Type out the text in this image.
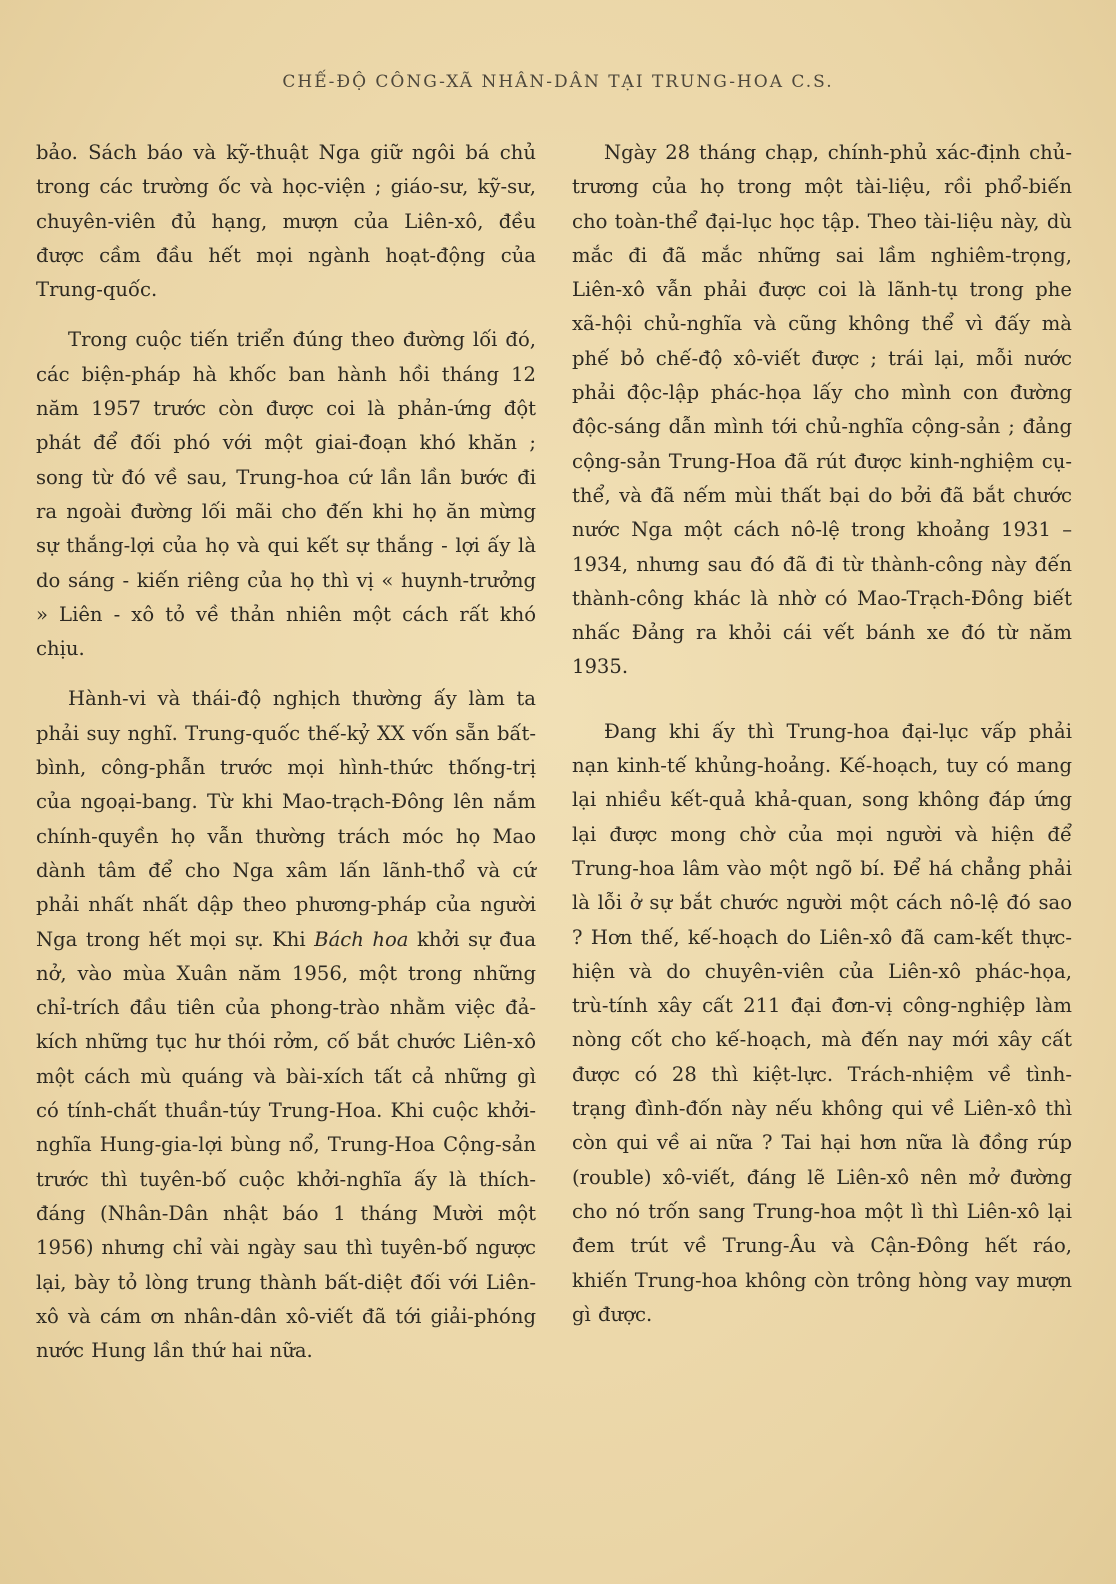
CHẾ-ĐỘ CÔNG-XÃ NHÂN-DÂN TẠI TRUNG-HOA C.S.

bảo. Sách báo và kỹ-thuật Nga giữ ngôi bá chủ trong các trường ốc và học-viện ; giáo-sư, kỹ-sư, chuyên-viên đủ hạng, mượn của Liên-xô, đều được cầm đầu hết mọi ngành hoạt-động của Trung-quốc.

Trong cuộc tiến triển đúng theo đường lối đó, các biện-pháp hà khốc ban hành hồi tháng 12 năm 1957 trước còn được coi là phản-ứng đột phát để đối phó với một giai-đoạn khó khăn ; song từ đó về sau, Trung-hoa cứ lần lần bước đi ra ngoài đường lối mãi cho đến khi họ ăn mừng sự thắng-lợi của họ và qui kết sự thắng - lợi ấy là do sáng - kiến riêng của họ thì vị « huynh-trưởng » Liên - xô tỏ về thản nhiên một cách rất khó chịu.

Hành-vi và thái-độ nghịch thường ấy làm ta phải suy nghĩ. Trung-quốc thế-kỷ XX vốn sẵn bất-bình, công-phẫn trước mọi hình-thức thống-trị của ngoại-bang. Từ khi Mao-trạch-Đông lên nắm chính-quyền họ vẫn thường trách móc họ Mao dành tâm để cho Nga xâm lấn lãnh-thổ và cứ phải nhất nhất dập theo phương-pháp của người Nga trong hết mọi sự. Khi Bách hoa khởi sự đua nở, vào mùa Xuân năm 1956, một trong những chỉ-trích đầu tiên của phong-trào nhằm việc đả-kích những tục hư thói rởm, cố bắt chước Liên-xô một cách mù quáng và bài-xích tất cả những gì có tính-chất thuần-túy Trung-Hoa. Khi cuộc khởi-nghĩa Hung-gia-lợi bùng nổ, Trung-Hoa Cộng-sản trước thì tuyên-bố cuộc khởi-nghĩa ấy là thích-đáng (Nhân-Dân nhật báo 1 tháng Mười một 1956) nhưng chỉ vài ngày sau thì tuyên-bố ngược lại, bày tỏ lòng trung thành bất-diệt đối với Liên-xô và cám ơn nhân-dân xô-viết đã tới giải-phóng nước Hung lần thứ hai nữa.

Ngày 28 tháng chạp, chính-phủ xác-định chủ-trương của họ trong một tài-liệu, rồi phổ-biến cho toàn-thể đại-lục học tập. Theo tài-liệu này, dù mắc đi đã mắc những sai lầm nghiêm-trọng, Liên-xô vẫn phải được coi là lãnh-tụ trong phe xã-hội chủ-nghĩa và cũng không thể vì đấy mà phế bỏ chế-độ xô-viết được ; trái lại, mỗi nước phải độc-lập phác-họa lấy cho mình con đường độc-sáng dẫn mình tới chủ-nghĩa cộng-sản ; đảng cộng-sản Trung-Hoa đã rút được kinh-nghiệm cụ-thể, và đã nếm mùi thất bại do bởi đã bắt chước nước Nga một cách nô-lệ trong khoảng 1931 – 1934, nhưng sau đó đã đi từ thành-công này đến thành-công khác là nhờ có Mao-Trạch-Đông biết nhấc Đảng ra khỏi cái vết bánh xe đó từ năm 1935.

Đang khi ấy thì Trung-hoa đại-lục vấp phải nạn kinh-tế khủng-hoảng. Kế-hoạch, tuy có mang lại nhiều kết-quả khả-quan, song không đáp ứng lại được mong chờ của mọi người và hiện để Trung-hoa lâm vào một ngõ bí. Để há chẳng phải là lỗi ở sự bắt chước người một cách nô-lệ đó sao ? Hơn thế, kế-hoạch do Liên-xô đã cam-kết thực-hiện và do chuyên-viên của Liên-xô phác-họa, trù-tính xây cất 211 đại đơn-vị công-nghiệp làm nòng cốt cho kế-hoạch, mà đến nay mới xây cất được có 28 thì kiệt-lực. Trách-nhiệm về tình-trạng đình-đốn này nếu không qui về Liên-xô thì còn qui về ai nữa ? Tai hại hơn nữa là đồng rúp (rouble) xô-viết, đáng lẽ Liên-xô nên mở đường cho nó trốn sang Trung-hoa một lì thì Liên-xô lại đem trút về Trung-Âu và Cận-Đông hết ráo, khiến Trung-hoa không còn trông hòng vay mượn gì được.
